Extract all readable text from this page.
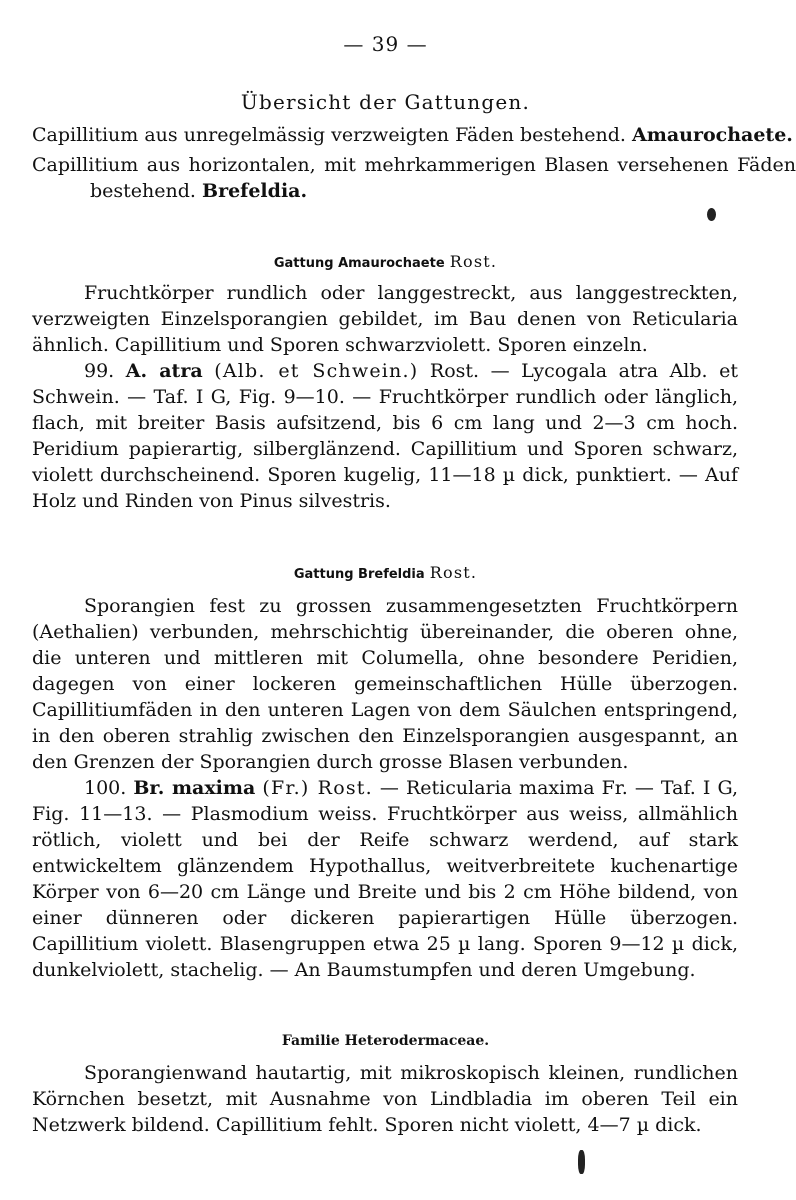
— 39 —
Übersicht der Gattungen.
Capillitium aus unregelmässig verzweigten Fäden bestehend. Amaurochaete.
Capillitium aus horizontalen, mit mehrkammerigen Blasen versehenen Fäden bestehend. Brefeldia.
Gattung Amaurochaete Rost.
Fruchtkörper rundlich oder langgestreckt, aus langgestreckten, verzweigten Einzelsporangien gebildet, im Bau denen von Reticularia ähnlich. Capillitium und Sporen schwarzviolett. Sporen einzeln.
99. A. atra (Alb. et Schwein.) Rost. — Lycogala atra Alb. et Schwein. — Taf. I G, Fig. 9—10. — Fruchtkörper rundlich oder länglich, flach, mit breiter Basis aufsitzend, bis 6 cm lang und 2—3 cm hoch. Peridium papierartig, silberglänzend. Capillitium und Sporen schwarz, violett durchscheinend. Sporen kugelig, 11—18 µ dick, punktiert. — Auf Holz und Rinden von Pinus silvestris.
Gattung Brefeldia Rost.
Sporangien fest zu grossen zusammengesetzten Fruchtkörpern (Aethalien) verbunden, mehrschichtig übereinander, die oberen ohne, die unteren und mittleren mit Columella, ohne besondere Peridien, dagegen von einer lockeren gemeinschaftlichen Hülle überzogen. Capillitiumfäden in den unteren Lagen von dem Säulchen entspringend, in den oberen strahlig zwischen den Einzelsporangien ausgespannt, an den Grenzen der Sporangien durch grosse Blasen verbunden.
100. Br. maxima (Fr.) Rost. — Reticularia maxima Fr. — Taf. I G, Fig. 11—13. — Plasmodium weiss. Fruchtkörper aus weiss, allmählich rötlich, violett und bei der Reife schwarz werdend, auf stark entwickeltem glänzendem Hypothallus, weitverbreitete kuchenartige Körper von 6—20 cm Länge und Breite und bis 2 cm Höhe bildend, von einer dünneren oder dickeren papierartigen Hülle überzogen. Capillitium violett. Blasengruppen etwa 25 µ lang. Sporen 9—12 µ dick, dunkelviolett, stachelig. — An Baumstumpfen und deren Umgebung.
Familie Heterodermaceae.
Sporangienwand hautartig, mit mikroskopisch kleinen, rundlichen Körnchen besetzt, mit Ausnahme von Lindbladia im oberen Teil ein Netzwerk bildend. Capillitium fehlt. Sporen nicht violett, 4—7 µ dick.
